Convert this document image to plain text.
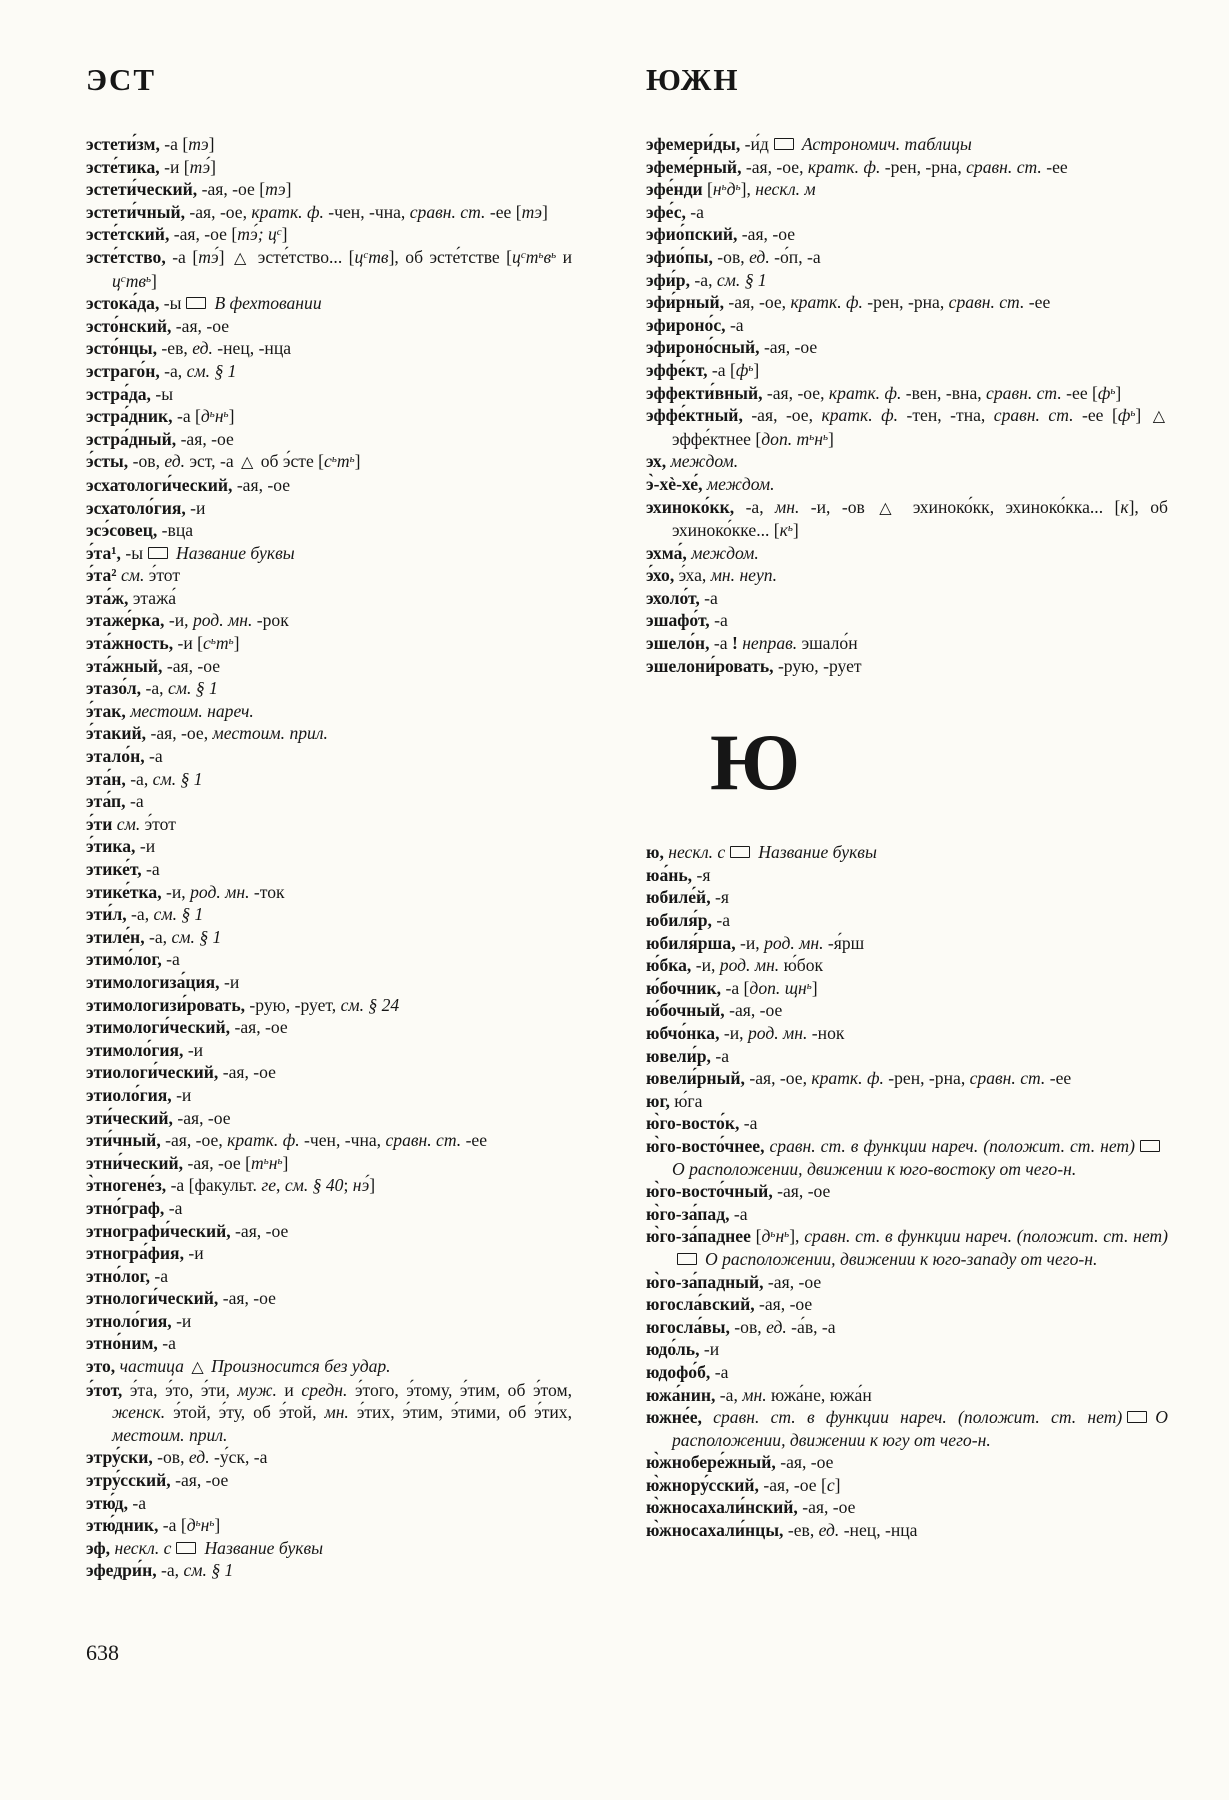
ЭСТ

эстети́зм, -а [тэ]

эсте́тика, -и [тэ́]

эстети́ческий, -ая, -ое [тэ]

эстети́чный, -ая, -ое, кратк. ф. -чен, -чна, сравн. ст. -ее [тэ]

эсте́тский, -ая, -ое [тэ́; $ц^с$]

эсте́тство, -а [тэ́] △ эсте́тство... $[ц^ств]$, об эсте́тстве [$ц^ст^ьв^ь$ и $ц^ств^ь$]

эстока́да, -ы В фехтовании

эсто́нский, -ая, -ое

эсто́нцы, -ев, ед. -нец, -нца

эстраго́н, -а, см. § 1

эстра́да, -ы

эстра́дник, -а $[д^ьн^ь]$

эстра́дный, -ая, -ое

э́сты, -ов, ед. эст, -а △ об э́сте $[с^ьт^ь]$

эсхатологи́ческий, -ая, -ое

эсхатоло́гия, -и

эсэ́совец, -вца

э́та¹, -ы Название буквы

э́та² см. э́тот

эта́ж, этажа́

этаже́рка, -и, род. мн. -рок

эта́жность, -и $[с^ьт^ь]$

эта́жный, -ая, -ое

этазо́л, -а, см. § 1

э́так, местоим. нареч.

э́такий, -ая, -ое, местоим. прил.

этало́н, -а

эта́н, -а, см. § 1

эта́п, -а

э́ти см. э́тот

э́тика, -и

этике́т, -а

этике́тка, -и, род. мн. -ток

эти́л, -а, см. § 1

этиле́н, -а, см. § 1

этимо́лог, -а

этимологиза́ция, -и

этимологизи́ровать, -рую, -рует, см. § 24

этимологи́ческий, -ая, -ое

этимоло́гия, -и

этиологи́ческий, -ая, -ое

этиоло́гия, -и

эти́ческий, -ая, -ое

эти́чный, -ая, -ое, кратк. ф. -чен, -чна, сравн. ст. -ее

этни́ческий, -ая, -ое $[т^ьн^ь]$

э̀тногене́з, -а [факульт. ге, см. § 40; нэ́]

этно́граф, -а

этнографи́ческий, -ая, -ое

этногра́фия, -и

этно́лог, -а

этнологи́ческий, -ая, -ое

этноло́гия, -и

этно́ним, -а

это, частица △ Произносится без удар.

э́тот, э́та, э́то, э́ти, муж. и средн. э́того, э́тому, э́тим, об э́том, женск. э́той, э́ту, об э́той, мн. э́тих, э́тим, э́тими, об э́тих, местоим. прил.

этру́ски, -ов, ед. -у́ск, -а

этру́сский, -ая, -ое

этю́д, -а

этю́дник, -а $[д^ьн^ь]$

эф, нескл. с Название буквы

эфедри́н, -а, см. § 1

ЮЖН

эфемери́ды, -и́д Астрономич. таблицы

эфеме́рный, -ая, -ое, кратк. ф. -рен, -рна, сравн. ст. -ее

эфе́нди $[н^ьд^ь]$, нескл. м

эфе́с, -а

эфио́пский, -ая, -ое

эфио́пы, -ов, ед. -о́п, -а

эфи́р, -а, см. § 1

эфи́рный, -ая, -ое, кратк. ф. -рен, -рна, сравн. ст. -ее

эфироно́с, -а

эфироно́сный, -ая, -ое

эффе́кт, -а $[ф^ь]$

эффекти́вный, -ая, -ое, кратк. ф. -вен, -вна, сравн. ст. -ее $[ф^ь]$

эффе́ктный, -ая, -ое, кратк. ф. -тен, -тна, сравн. ст. -ее $[ф^ь]$ △ эффе́ктнее [доп. $т^ьн^ь$]

эх, междом.

э̀-хѐ-хе́, междом.

эхиноко́кк, -а, мн. -и, -ов △ эхиноко́кк, эхиноко́кка... [к], об эхиноко́кке... $[к^ь]$

эхма́, междом.

э́хо, э́ха, мн. неуп.

эхоло́т, -а

эшафо́т, -а

эшело́н, -а ! неправ. эшало́н

эшелони́ровать, -рую, -рует

Ю

ю, нескл. с Название буквы

юа́нь, -я

юбиле́й, -я

юбиля́р, -а

юбиля́рша, -и, род. мн. -я́рш

ю́бка, -и, род. мн. ю́бок

ю́бочник, -а [доп. $щн^ь$]

ю́бочный, -ая, -ое

юбчо́нка, -и, род. мн. -нок

ювели́р, -а

ювели́рный, -ая, -ое, кратк. ф. -рен, -рна, сравн. ст. -ее

юг, ю́га

ю̀го-восто́к, -а

ю̀го-восто́чнее, сравн. ст. в функции нареч. (положит. ст. нет)О расположении, движении к юго-востоку от чего-н.

ю̀го-восто́чный, -ая, -ое

ю̀го-за́пад, -а

ю̀го-за́паднее $[д^ьн^ь]$, сравн. ст. в функции нареч. (положит. ст. нет)О расположении, движении к юго-западу от чего-н.

ю̀го-за́падный, -ая, -ое

югосла́вский, -ая, -ое

югосла́вы, -ов, ед. -а́в, -а

юдо́ль, -и

юдофо́б, -а

южа́нин, -а, мн. южа́не, южа́н

южне́е, сравн. ст. в функции нареч. (положит. ст. нет) О расположении, движении к югу от чего-н.

ю̀жнобере́жный, -ая, -ое

ю̀жнору́сский, -ая, -ое [с]

ю̀жносахали́нский, -ая, -ое

ю̀жносахали́нцы, -ев, ед. -нец, -нца

638
